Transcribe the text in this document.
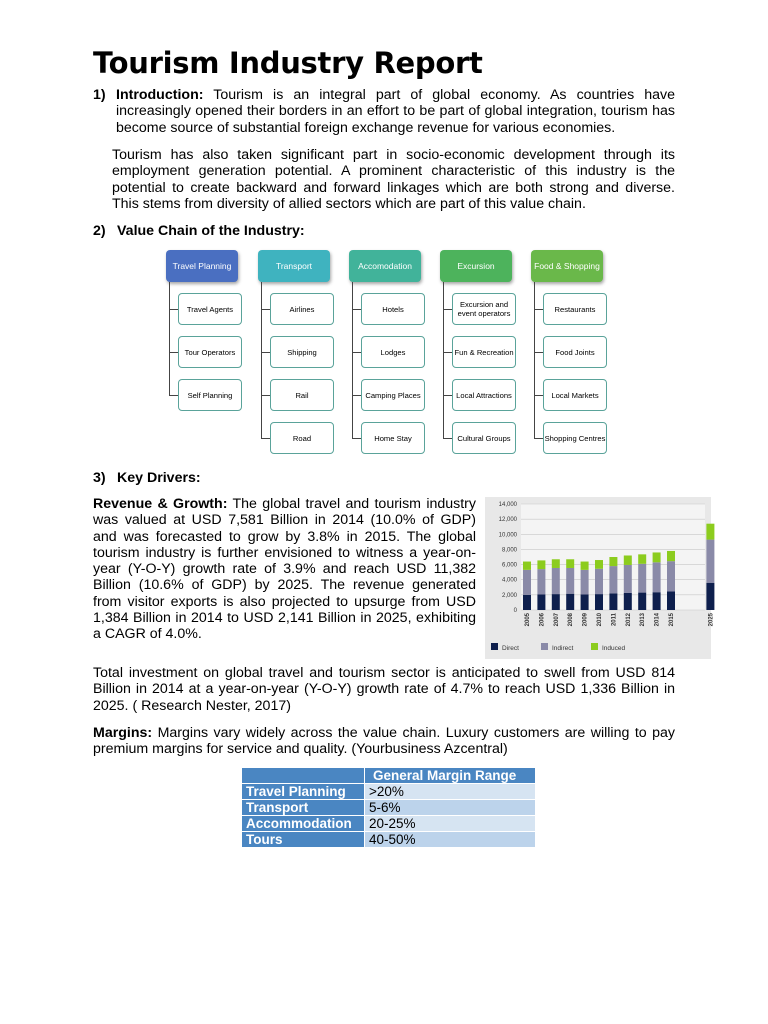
Tourism Industry Report
1) Introduction: Tourism is an integral part of global economy. As countries have increasingly opened their borders in an effort to be part of global integration, tourism has become source of substantial foreign exchange revenue for various economies.
Tourism has also taken significant part in socio-economic development through its employment generation potential. A prominent characteristic of this industry is the potential to create backward and forward linkages which are both strong and diverse. This stems from diversity of allied sectors which are part of this value chain.
2) Value Chain of the Industry:
Travel Planning
Travel Agents
Tour Operators
Self Planning
Transport
Airlines
Shipping
Rail
Road
Accomodation
Hotels
Lodges
Camping Places
Home Stay
Excursion
Excursion and event operators
Fun & Recreation
Local Attractions
Cultural Groups
Food & Shopping
Restaurants
Food Joints
Local Markets
Shopping Centres
3) Key Drivers:
Revenue & Growth: The global travel and tourism industry was valued at USD 7,581 Billion in 2014 (10.0% of GDP) and was forecasted to grow by 3.8% in 2015. The global tourism industry is further envisioned to witness a year-on-year (Y-O-Y) growth rate of 3.9% and reach USD 11,382 Billion (10.6% of GDP) by 2025. The revenue generated from visitor exports is also projected to upsurge from USD 1,384 Billion in 2014 to USD 2,141 Billion in 2025, exhibiting a CAGR of 4.0%.
0
2,000
4,000
6,000
8,000
10,000
12,000
14,000
2005 2006 2007 2008 2009 2010 2011 2012 2013 2014 2015	2025
Direct	Indirect	Induced
Total investment on global travel and tourism sector is anticipated to swell from USD 814 Billion in 2014 at a year-on-year (Y-O-Y) growth rate of 4.7% to reach USD 1,336 Billion in 2025. ( Research Nester, 2017)
Margins: Margins vary widely across the value chain. Luxury customers are willing to pay premium margins for service and quality. (Yourbusiness Azcentral)
	General Margin Range
Travel Planning	>20%
Transport	5-6%
Accommodation	20-25%
Tours	40-50%
